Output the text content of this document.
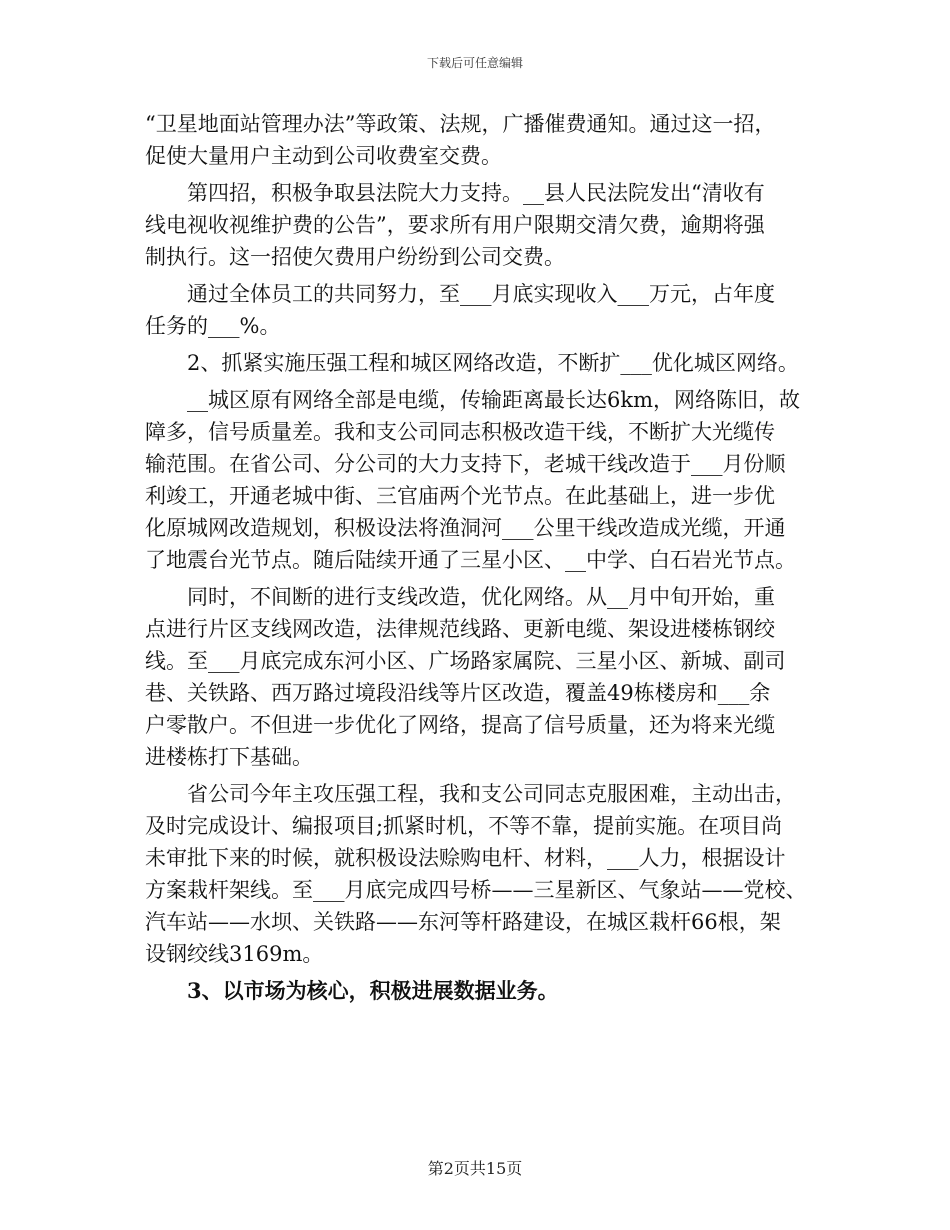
下载后可任意编辑
“卫星地面站管理办法”等政策、法规，广播催费通知。通过这一招，
促使大量用户主动到公司收费室交费。
第四招，积极争取县法院大力支持。__县人民法院发出“清收有
线电视收视维护费的公告”，要求所有用户限期交清欠费，逾期将强
制执行。这一招使欠费用户纷纷到公司交费。
通过全体员工的共同努力，至___月底实现收入___万元，占年度
任务的___%。
2、抓紧实施压强工程和城区网络改造，不断扩___优化城区网络。
__城区原有网络全部是电缆，传输距离最长达6km，网络陈旧，故
障多，信号质量差。我和支公司同志积极改造干线，不断扩大光缆传
输范围。在省公司、分公司的大力支持下，老城干线改造于___月份顺
利竣工，开通老城中街、三官庙两个光节点。在此基础上，进一步优
化原城网改造规划，积极设法将渔洞河___公里干线改造成光缆，开通
了地震台光节点。随后陆续开通了三星小区、__中学、白石岩光节点。
同时，不间断的进行支线改造，优化网络。从__月中旬开始，重
点进行片区支线网改造，法律规范线路、更新电缆、架设进楼栋钢绞
线。至___月底完成东河小区、广场路家属院、三星小区、新城、副司
巷、关铁路、西万路过境段沿线等片区改造，覆盖49栋楼房和___余
户零散户。不但进一步优化了网络，提高了信号质量，还为将来光缆
进楼栋打下基础。
省公司今年主攻压强工程，我和支公司同志克服困难，主动出击，
及时完成设计、编报项目;抓紧时机，不等不靠，提前实施。在项目尚
未审批下来的时候，就积极设法赊购电杆、材料，___人力，根据设计
方案栽杆架线。至___月底完成四号桥——三星新区、气象站——党校、
汽车站——水坝、关铁路——东河等杆路建设，在城区栽杆66根，架
设钢绞线3169m。
3、以市场为核心，积极进展数据业务。
第2页共15页
